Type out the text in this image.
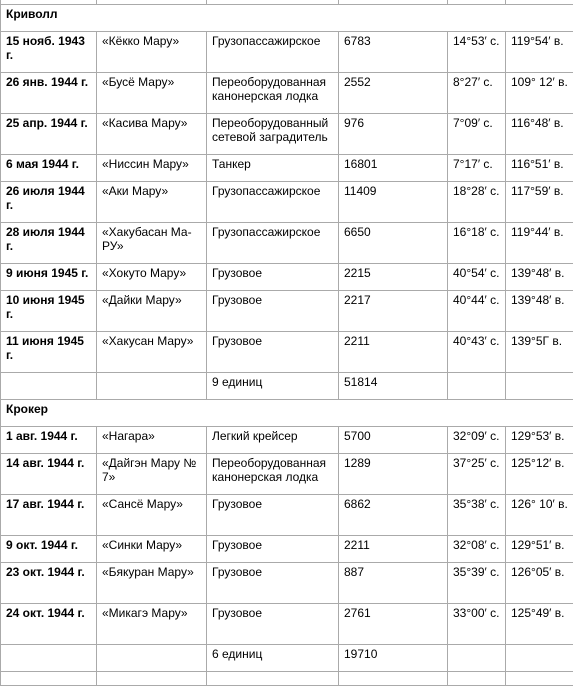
Криволл					
15 нояб. 1943 г.	«Кёкко Мару»	Грузопассажирское	6783	14°53′ с.	119°54′ в.
26 янв. 1944 г.	«Бусё Мару»	Переоборудованная канонерская лодка	2552	8°27′ с.	109° 12′ в.
25 апр. 1944 г.	«Касива Мару»	Переоборудованный сетевой заградитель	976	7°09′ с.	116°48′ в.
6 мая 1944 г.	«Ниссин Мару»	Танкер	16801	7°17′ с.	116°51′ в.
26 июля 1944 г.	«Аки Мару»	Грузопассажирское	11409	18°28′ с.	117°59′ в.
28 июля 1944 г.	«Хакубасан Ма-РУ»	Грузопассажирское	6650	16°18′ с.	119°44′ в.
9 июня 1945 г.	«Хокуто Мару»	Грузовое	2215	40°54′ с.	139°48′ в.
10 июня 1945 г.	«Дайки Мару»	Грузовое	2217	40°44′ с.	139°48′ в.
11 июня 1945 г.	«Хакусан Мару»	Грузовое	2211	40°43′ с.	139°5Г в.
		9 единиц	51814		
Крокер					
1 авг. 1944 г.	«Нагара»	Легкий крейсер	5700	32°09′ с.	129°53′ в.
14 авг. 1944 г.	«Дайгэн Мару № 7»	Переоборудованная канонерская лодка	1289	37°25′ с.	125°12′ в.
17 авг. 1944 г.	«Сансё Мару»	Грузовое	6862	35°38′ с.	126° 10′ в.
9 окт. 1944 г.	«Синки Мару»	Грузовое	2211	32°08′ с.	129°51′ в.
23 окт. 1944 г.	«Бякуран Мару»	Грузовое	887	35°39′ с.	126°05′ в.
24 окт. 1944 г.	«Микагэ Мару»	Грузовое	2761	33°00′ с.	125°49′ в.
		6 единиц	19710		
